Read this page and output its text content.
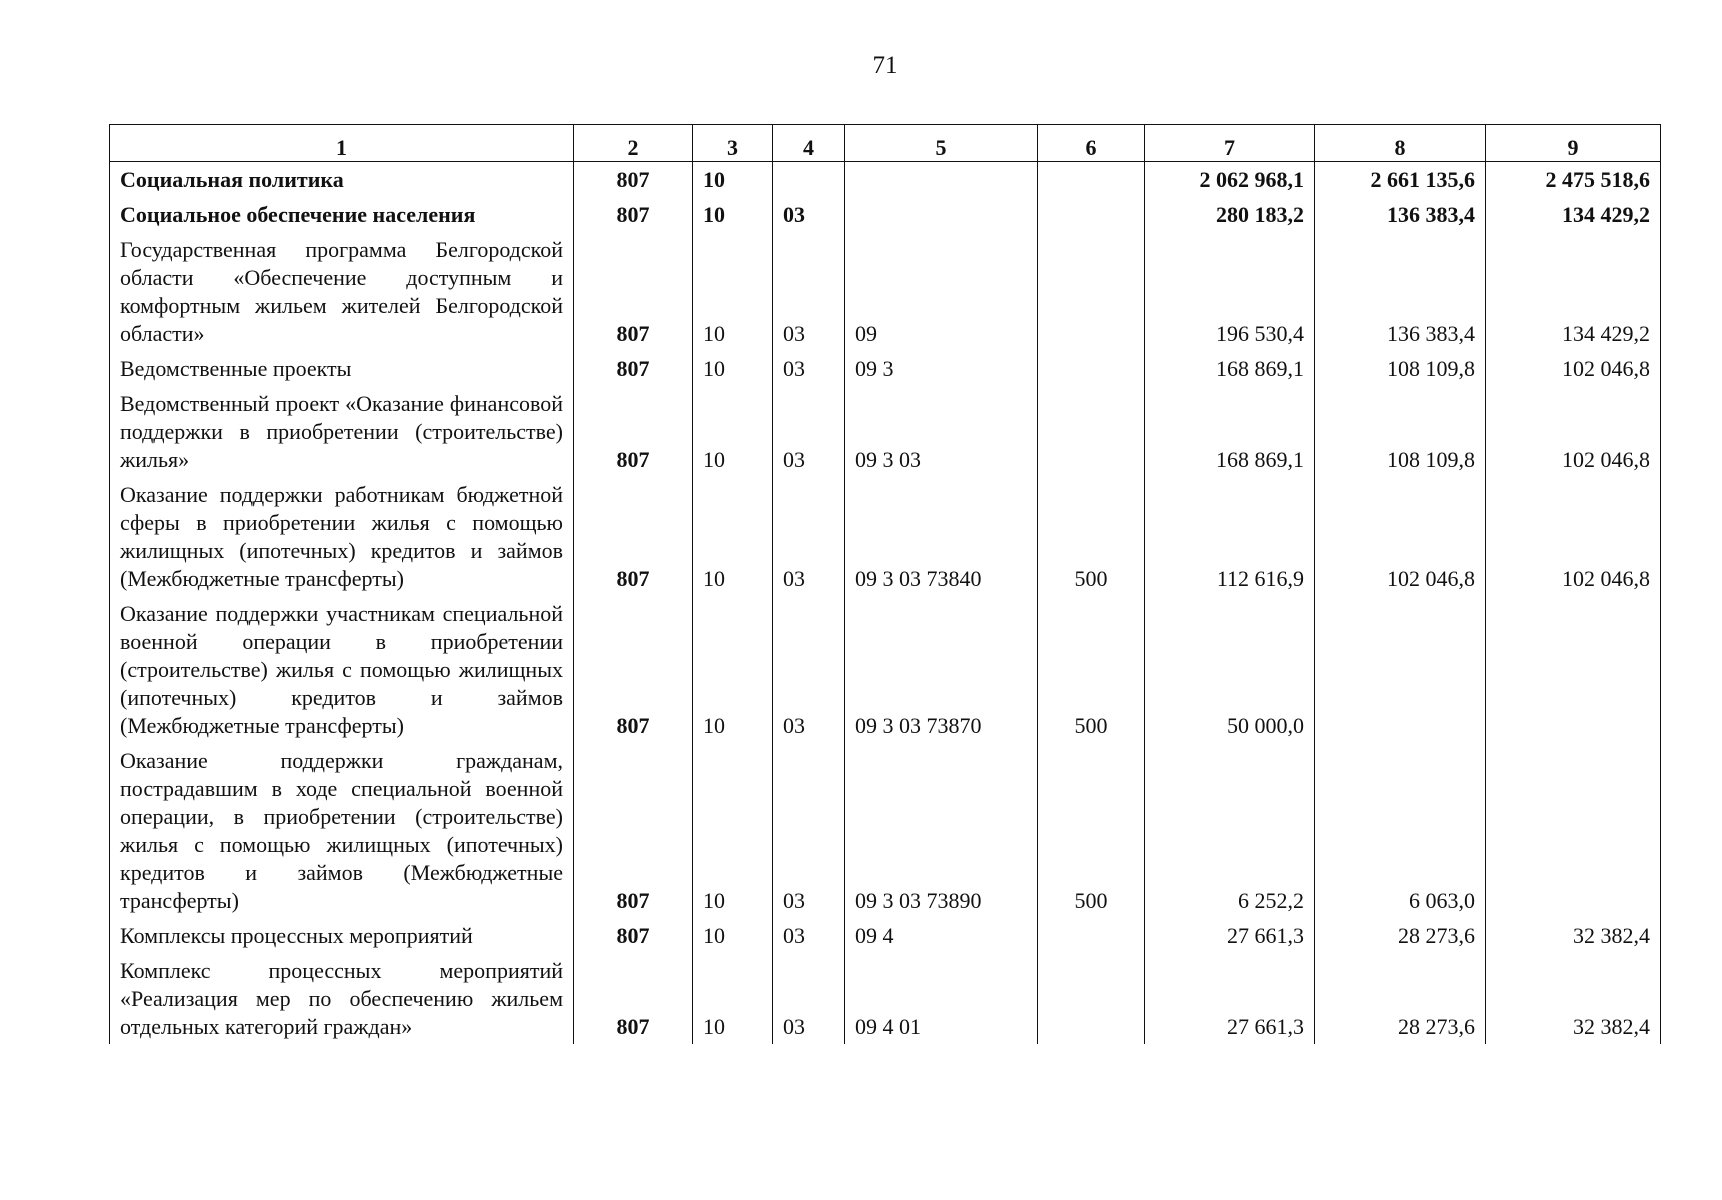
71
1	2	3	4	5	6	7	8	9
Социальная политика	807	10				2 062 968,1	2 661 135,6	2 475 518,6
Социальное обеспечение населения	807	10	03			280 183,2	136 383,4	134 429,2
Государственная программа Белгородской области «Обеспечение доступным и комфортным жильем жителей Белгородской области»	807	10	03	09		196 530,4	136 383,4	134 429,2
Ведомственные проекты	807	10	03	09 3		168 869,1	108 109,8	102 046,8
Ведомственный проект «Оказание финансовой поддержки в приобретении (строительстве) жилья»	807	10	03	09 3 03		168 869,1	108 109,8	102 046,8
Оказание поддержки работникам бюджетной сферы в приобретении жилья с помощью жилищных (ипотечных) кредитов и займов (Межбюджетные трансферты)	807	10	03	09 3 03 73840	500	112 616,9	102 046,8	102 046,8
Оказание поддержки участникам специальной военной операции в приобретении (строительстве) жилья с помощью жилищных (ипотечных) кредитов и займов (Межбюджетные трансферты)	807	10	03	09 3 03 73870	500	50 000,0		
Оказание поддержки гражданам, пострадавшим в ходе специальной военной операции, в приобретении (строительстве) жилья с помощью жилищных (ипотечных) кредитов и займов (Межбюджетные трансферты)	807	10	03	09 3 03 73890	500	6 252,2	6 063,0	
Комплексы процессных мероприятий	807	10	03	09 4		27 661,3	28 273,6	32 382,4
Комплекс процессных мероприятий «Реализация мер по обеспечению жильем отдельных категорий граждан»	807	10	03	09 4 01		27 661,3	28 273,6	32 382,4
